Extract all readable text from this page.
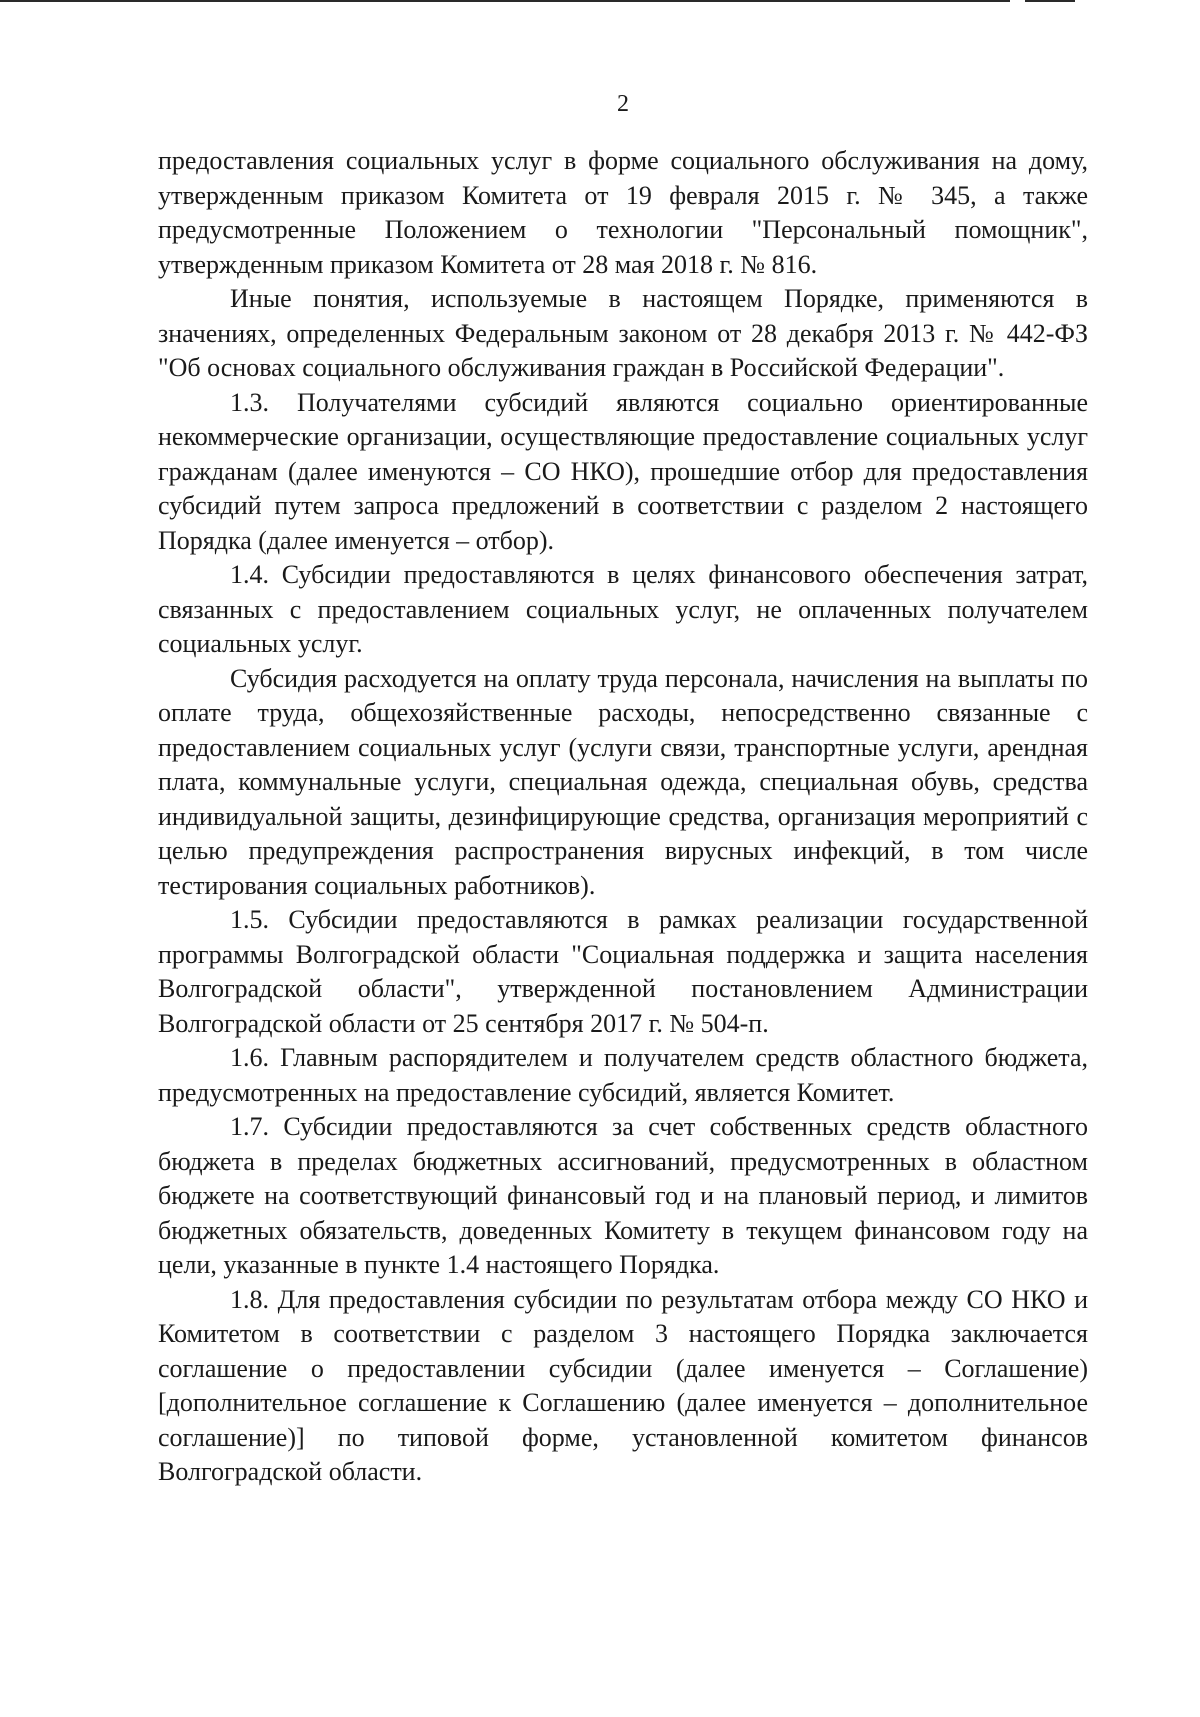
2

предоставления социальных услуг в форме социального обслуживания на дому, утвержденным приказом Комитета от 19 февраля 2015 г. № 345, а также предусмотренные Положением о технологии "Персональный помощник", утвержденным приказом Комитета от 28 мая 2018 г. № 816.

Иные понятия, используемые в настоящем Порядке, применяются в значениях, определенных Федеральным законом от 28 декабря 2013 г. № 442-ФЗ "Об основах социального обслуживания граждан в Российской Федерации".

1.3. Получателями субсидий являются социально ориентированные некоммерческие организации, осуществляющие предоставление социальных услуг гражданам (далее именуются – СО НКО), прошедшие отбор для предоставления субсидий путем запроса предложений в соответствии с разделом 2 настоящего Порядка (далее именуется – отбор).

1.4. Субсидии предоставляются в целях финансового обеспечения затрат, связанных с предоставлением социальных услуг, не оплаченных получателем социальных услуг.

Субсидия расходуется на оплату труда персонала, начисления на выплаты по оплате труда, общехозяйственные расходы, непосредственно связанные с предоставлением социальных услуг (услуги связи, транспортные услуги, арендная плата, коммунальные услуги, специальная одежда, специальная обувь, средства индивидуальной защиты, дезинфицирующие средства, организация мероприятий с целью предупреждения распространения вирусных инфекций, в том числе тестирования социальных работников).

1.5. Субсидии предоставляются в рамках реализации государственной программы Волгоградской области "Социальная поддержка и защита населения Волгоградской области", утвержденной постановлением Администрации Волгоградской области от 25 сентября 2017 г. № 504-п.

1.6. Главным распорядителем и получателем средств областного бюджета, предусмотренных на предоставление субсидий, является Комитет.

1.7. Субсидии предоставляются за счет собственных средств областного бюджета в пределах бюджетных ассигнований, предусмотренных в областном бюджете на соответствующий финансовый год и на плановый период, и лимитов бюджетных обязательств, доведенных Комитету в текущем финансовом году на цели, указанные в пункте 1.4 настоящего Порядка.

1.8. Для предоставления субсидии по результатам отбора между СО НКО и Комитетом в соответствии с разделом 3 настоящего Порядка заключается соглашение о предоставлении субсидии (далее именуется – Соглашение) [дополнительное соглашение к Соглашению (далее именуется – дополнительное соглашение)] по типовой форме, установленной комитетом финансов Волгоградской области.
